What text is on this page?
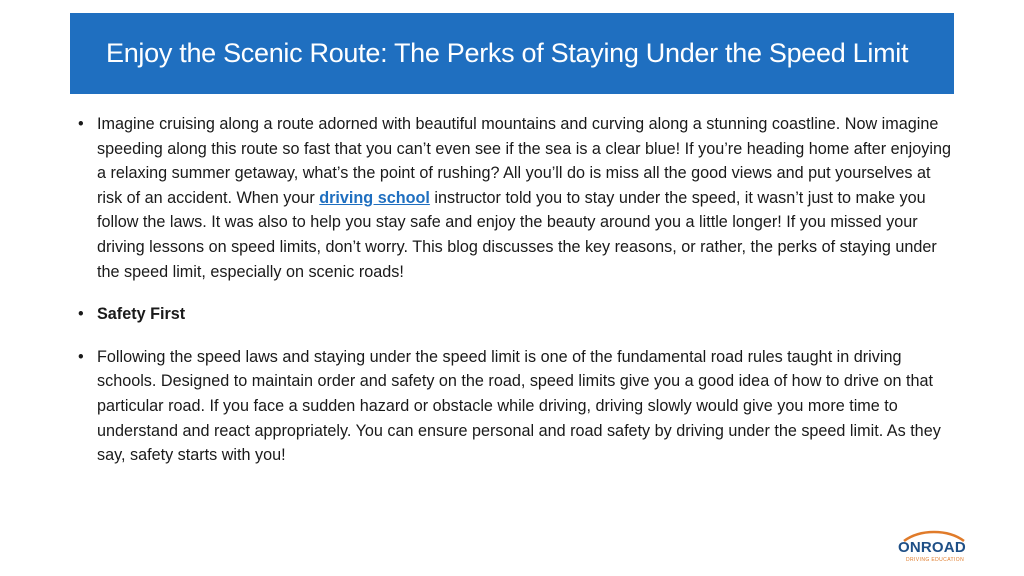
Enjoy the Scenic Route: The Perks of Staying Under the Speed Limit
• Imagine cruising along a route adorned with beautiful mountains and curving along a stunning coastline. Now imagine speeding along this route so fast that you can’t even see if the sea is a clear blue! If you’re heading home after enjoying a relaxing summer getaway, what’s the point of rushing? All you’ll do is miss all the good views and put yourselves at risk of an accident. When your driving school instructor told you to stay under the speed, it wasn’t just to make you follow the laws. It was also to help you stay safe and enjoy the beauty around you a little longer! If you missed your driving lessons on speed limits, don’t worry. This blog discusses the key reasons, or rather, the perks of staying under the speed limit, especially on scenic roads!
• Safety First
• Following the speed laws and staying under the speed limit is one of the fundamental road rules taught in driving schools. Designed to maintain order and safety on the road, speed limits give you a good idea of how to drive on that particular road. If you face a sudden hazard or obstacle while driving, driving slowly would give you more time to understand and react appropriately. You can ensure personal and road safety by driving under the speed limit. As they say, safety starts with you!
ONROAD
DRIVING EDUCATION
